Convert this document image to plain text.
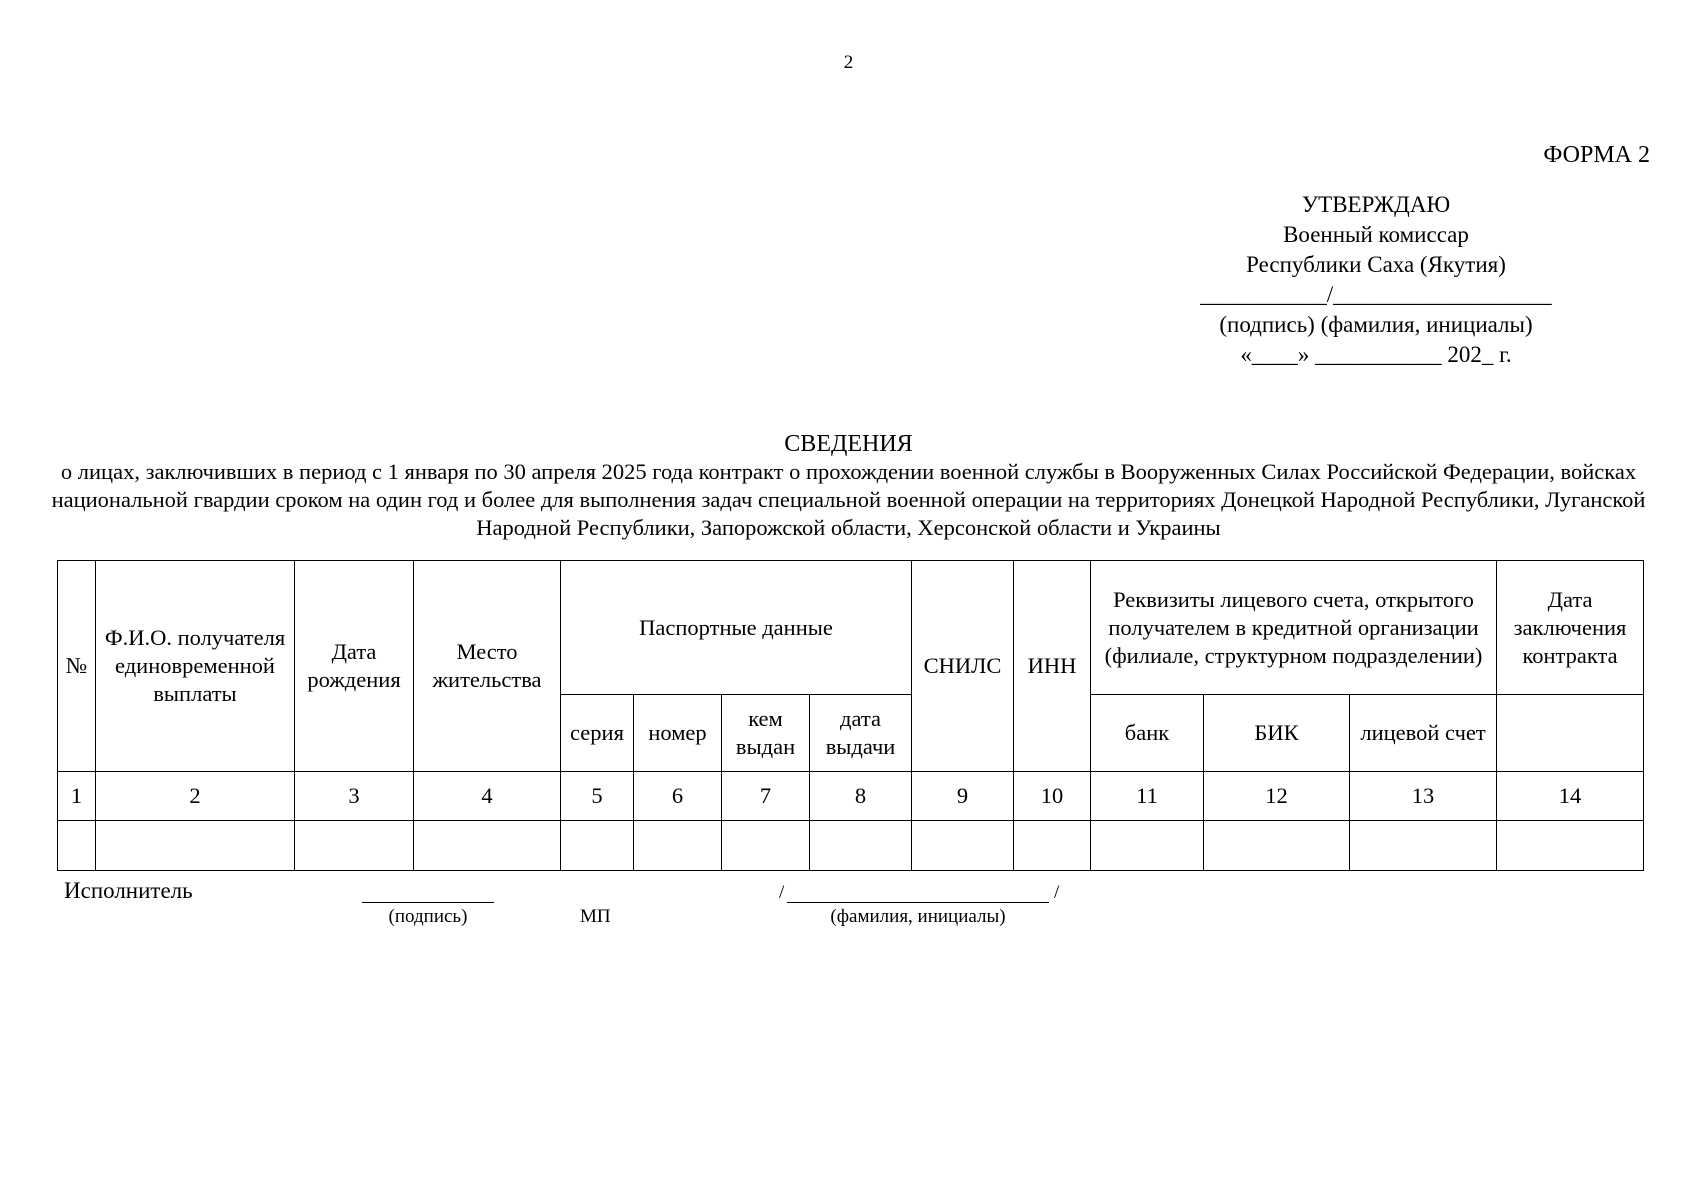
2
ФОРМА 2
УТВЕРЖДАЮ
Военный комиссар
Республики Саха (Якутия)
___________/___________________
(подпись) (фамилия, инициалы)
«____» ___________ 202_ г.
СВЕДЕНИЯ
о лицах, заключивших в период с 1 января по 30 апреля 2025 года контракт о прохождении военной службы в Вооруженных Силах Российской Федерации, войсках национальной гвардии сроком на один год и более для выполнения задач специальной военной операции на территориях Донецкой Народной Республики, Луганской Народной Республики, Запорожской области, Херсонской области и Украины
№	Ф.И.О. получателя единовременной выплаты	Дата рождения	Место жительства	Паспортные данные				СНИЛС	ИНН	Реквизиты лицевого счета, открытого получателем в кредитной организации (филиале, структурном подразделении)			Дата заключения контракта
				серия	номер	кем выдан	дата выдачи			банк	БИК	лицевой счет	
1	2	3	4	5	6	7	8	9	10	11	12	13	14

Исполнитель
(подпись)	МП
/	/
(фамилия, инициалы)
